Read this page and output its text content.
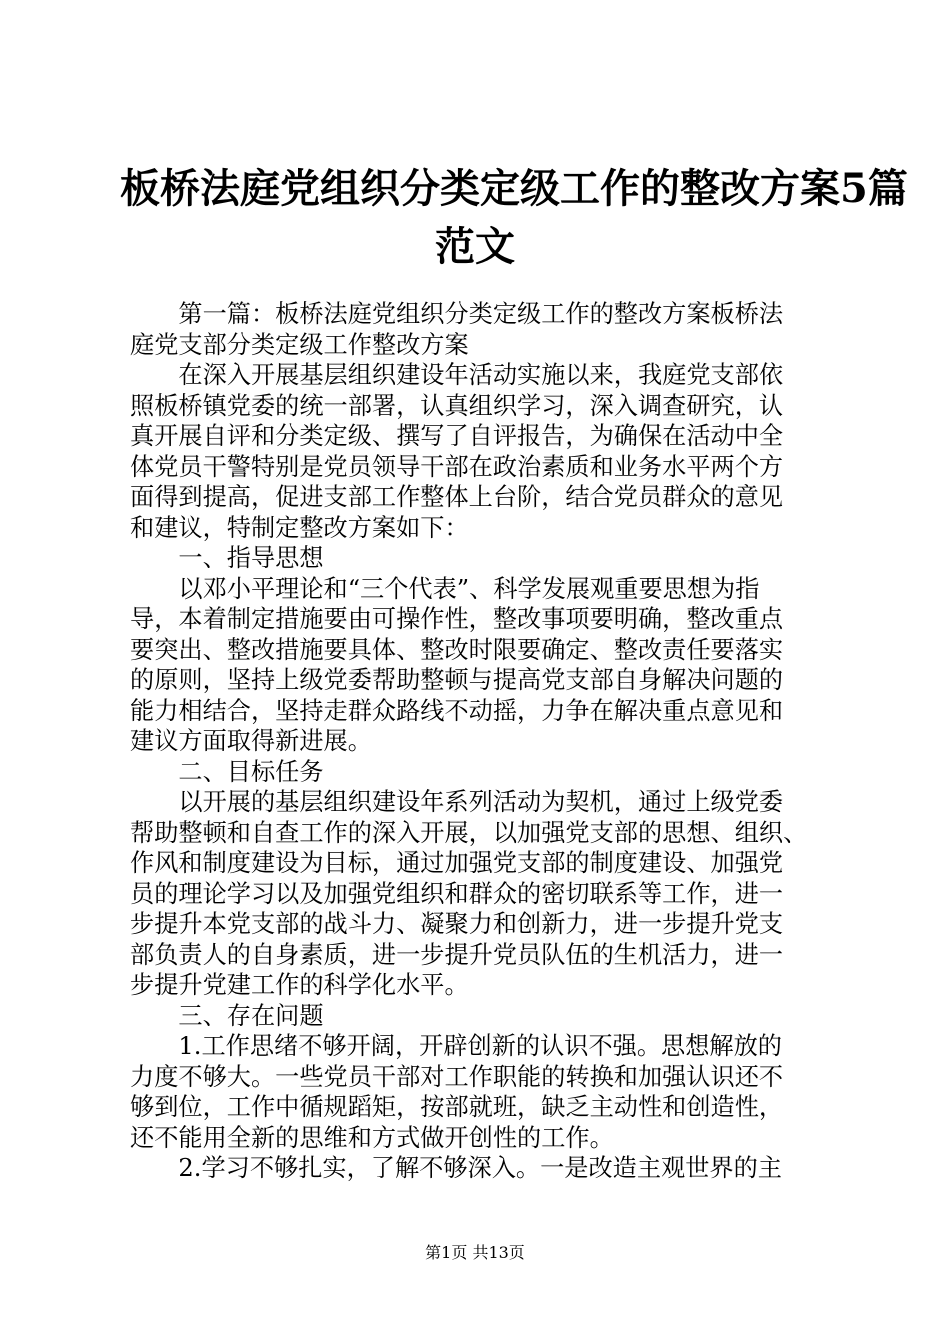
板桥法庭党组织分类定级工作的整改方案5篇
范文
　　第一篇：板桥法庭党组织分类定级工作的整改方案板桥法
庭党支部分类定级工作整改方案
　　在深入开展基层组织建设年活动实施以来，我庭党支部依
照板桥镇党委的统一部署，认真组织学习，深入调查研究，认
真开展自评和分类定级、撰写了自评报告，为确保在活动中全
体党员干警特别是党员领导干部在政治素质和业务水平两个方
面得到提高，促进支部工作整体上台阶，结合党员群众的意见
和建议，特制定整改方案如下：
　　一、指导思想
　　以邓小平理论和“三个代表”、科学发展观重要思想为指
导，本着制定措施要由可操作性，整改事项要明确，整改重点
要突出、整改措施要具体、整改时限要确定、整改责任要落实
的原则，坚持上级党委帮助整顿与提高党支部自身解决问题的
能力相结合，坚持走群众路线不动摇，力争在解决重点意见和
建议方面取得新进展。
　　二、目标任务
　　以开展的基层组织建设年系列活动为契机，通过上级党委
帮助整顿和自查工作的深入开展，以加强党支部的思想、组织、
作风和制度建设为目标，通过加强党支部的制度建设、加强党
员的理论学习以及加强党组织和群众的密切联系等工作，进一
步提升本党支部的战斗力、凝聚力和创新力，进一步提升党支
部负责人的自身素质，进一步提升党员队伍的生机活力，进一
步提升党建工作的科学化水平。
　　三、存在问题
　　1.工作思绪不够开阔，开辟创新的认识不强。思想解放的
力度不够大。一些党员干部对工作职能的转换和加强认识还不
够到位，工作中循规蹈矩，按部就班，缺乏主动性和创造性，
还不能用全新的思维和方式做开创性的工作。
　　2.学习不够扎实，了解不够深入。一是改造主观世界的主
第1页 共13页
